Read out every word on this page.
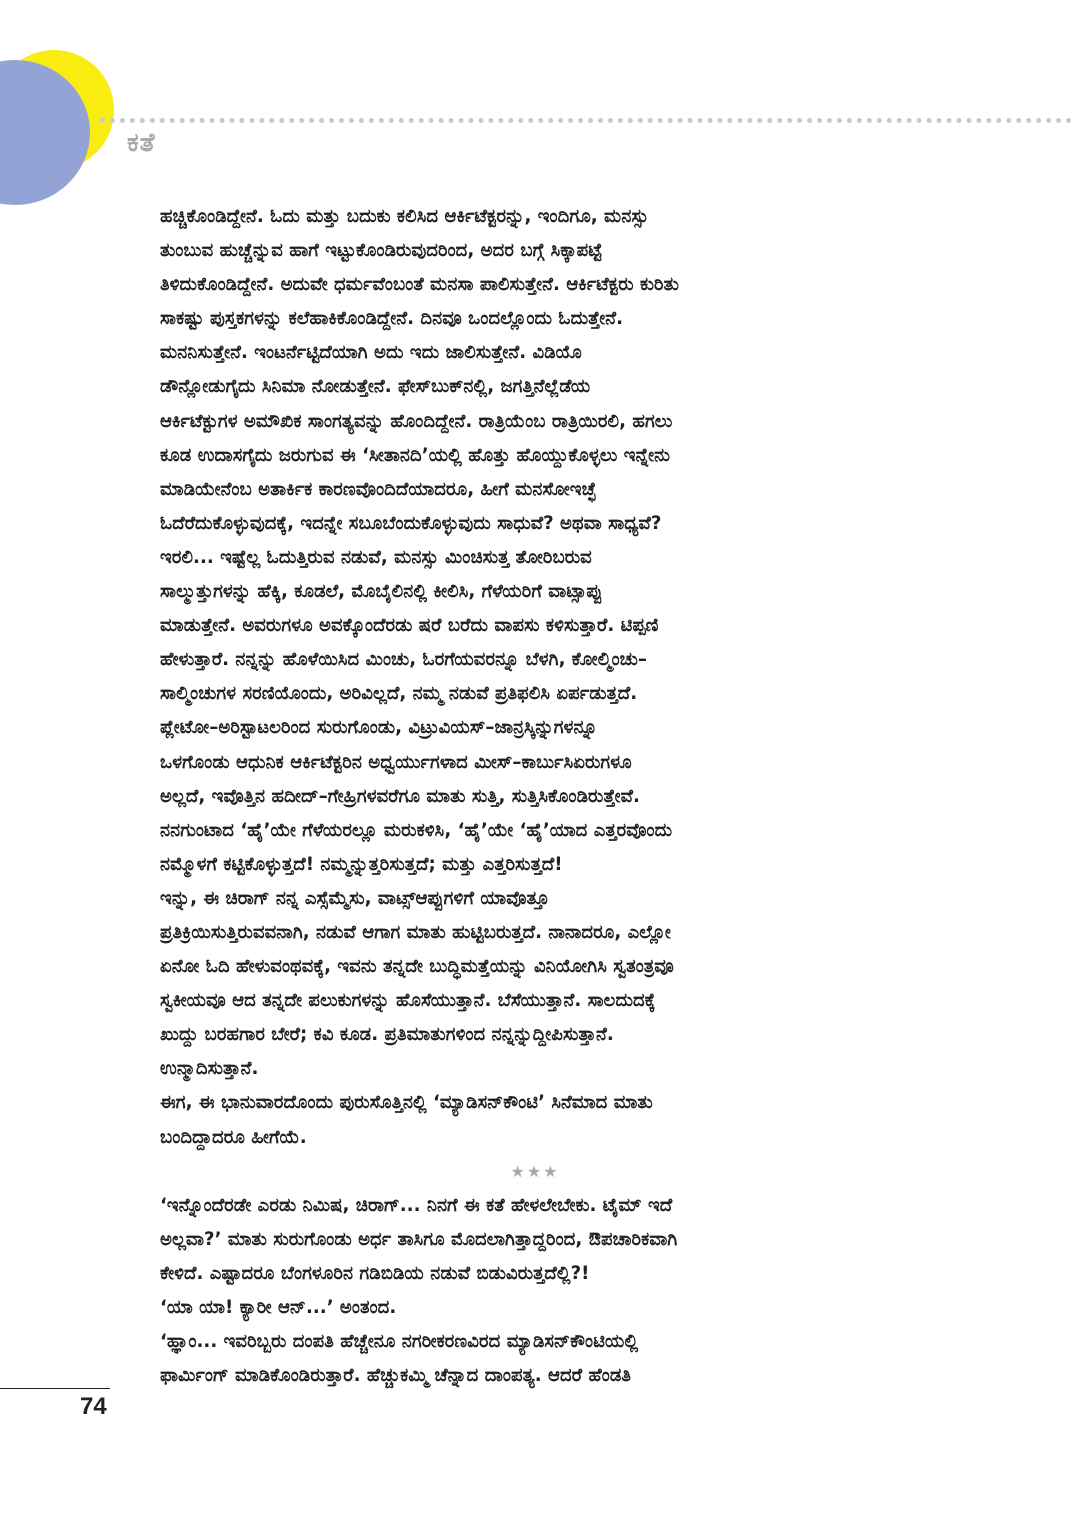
ಕತೆ
ಹಚ್ಚಿಕೊಂಡಿದ್ದೇನೆ. ಓದು ಮತ್ತು ಬದುಕು ಕಲಿಸಿದ ಆರ್ಕಿಟೆಕ್ಟರನ್ನು, ಇಂದಿಗೂ, ಮನಸ್ಸು
ತುಂಬುವ ಹುಚ್ಚೆನ್ನುವ ಹಾಗೆ ಇಟ್ಟುಕೊಂಡಿರುವುದರಿಂದ, ಅದರ ಬಗ್ಗೆ ಸಿಕ್ಕಾಪಟ್ಟೆ
ತಿಳಿದುಕೊಂಡಿದ್ದೇನೆ. ಅದುವೇ ಧರ್ಮವೆಂಬಂತೆ ಮನಸಾ ಪಾಲಿಸುತ್ತೇನೆ. ಆರ್ಕಿಟೆಕ್ಟರು ಕುರಿತು
ಸಾಕಷ್ಟು ಪುಸ್ತಕಗಳನ್ನು ಕಲೆಹಾಕಿಕೊಂಡಿದ್ದೇನೆ. ದಿನವೂ ಒಂದಲ್ಲೊಂದು ಓದುತ್ತೇನೆ.
ಮನನಿಸುತ್ತೇನೆ. ಇಂಟರ್ನೆಟ್ಟಿದೆಯಾಗಿ ಅದು ಇದು ಜಾಲಿಸುತ್ತೇನೆ. ವಿಡಿಯೊ
ಡೌನ್ಲೋಡುಗೈದು ಸಿನಿಮಾ ನೋಡುತ್ತೇನೆ. ಫೇಸ್‌ಬುಕ್‌ನಲ್ಲಿ, ಜಗತ್ತಿನೆಲ್ಲೆಡೆಯ
ಆರ್ಕಿಟೆಕ್ಟುಗಳ ಅಮೌಖಿಕ ಸಾಂಗತ್ಯವನ್ನು ಹೊಂದಿದ್ದೇನೆ. ರಾತ್ರಿಯೆಂಬ ರಾತ್ರಿಯಿರಲಿ, ಹಗಲು
ಕೂಡ ಉದಾಸಗೈದು ಜರುಗುವ ಈ ‘ಸೀತಾನದಿ’ಯಲ್ಲಿ ಹೊತ್ತು ಹೊಯ್ದುಕೊಳ್ಳಲು ಇನ್ನೇನು
ಮಾಡಿಯೇನೆಂಬ ಅತಾರ್ಕಿಕ ಕಾರಣವೊಂದಿದೆಯಾದರೂ, ಹೀಗೆ ಮನಸೋಇಚ್ಛೆ
ಓದೆರೆದುಕೊಳ್ಳುವುದಕ್ಕೆ, ಇದನ್ನೇ ಸಬೂಬೆಂದುಕೊಳ್ಳುವುದು ಸಾಧುವೆ? ಅಥವಾ ಸಾಧ್ಯವೆ?
ಇರಲಿ... ಇಷ್ಟೆಲ್ಲ ಓದುತ್ತಿರುವ ನಡುವೆ, ಮನಸ್ಸು ಮಿಂಚಿಸುತ್ತ ತೋರಿಬರುವ
ಸಾಲ್ಮುತ್ತುಗಳನ್ನು ಹೆಕ್ಕಿ, ಕೂಡಲೆ, ಮೊಬೈಲಿನಲ್ಲಿ ಕೀಲಿಸಿ, ಗೆಳೆಯರಿಗೆ ವಾಟ್ಸಾಪ್ಪು
ಮಾಡುತ್ತೇನೆ. ಅವರುಗಳೂ ಅವಕ್ಕೊಂದೆರಡು ಷರೆ ಬರೆದು ವಾಪಸು ಕಳಿಸುತ್ತಾರೆ. ಟಿಪ್ಪಣಿ
ಹೇಳುತ್ತಾರೆ. ನನ್ನನ್ನು ಹೊಳೆಯಿಸಿದ ಮಿಂಚು, ಓರಗೆಯವರನ್ನೂ ಬೆಳಗಿ, ಕೋಲ್ಮಿಂಚು–
ಸಾಲ್ಮಿಂಚುಗಳ ಸರಣಿಯೊಂದು, ಅರಿವಿಲ್ಲದೆ, ನಮ್ಮ ನಡುವೆ ಪ್ರತಿಫಲಿಸಿ ಏರ್ಪಡುತ್ತದೆ.
ಪ್ಲೇಟೋ–ಅರಿಸ್ಟಾಟಲರಿಂದ ಸುರುಗೊಂಡು, ವಿಟ್ರುವಿಯಸ್–ಜಾನ್ರಸ್ಕಿನ್ನುಗಳನ್ನೂ
ಒಳಗೊಂಡು ಆಧುನಿಕ ಆರ್ಕಿಟೆಕ್ಟರಿನ ಅಧ್ವರ್ಯುಗಳಾದ ಮೀಸ್–ಕಾರ್ಬುಸಿಏರುಗಳೂ
ಅಲ್ಲದೆ, ಇವೊತ್ತಿನ ಹದೀದ್–ಗೇಹ್ರಿಗಳವರೆಗೂ ಮಾತು ಸುತ್ತಿ, ಸುತ್ತಿಸಿಕೊಂಡಿರುತ್ತೇವೆ.
ನನಗುಂಟಾದ ‘ಹೈ’ಯೇ ಗೆಳೆಯರಲ್ಲೂ ಮರುಕಳಿಸಿ, ‘ಹೈ’ಯೇ ‘ಹೈ’ಯಾದ ಎತ್ತರವೊಂದು
ನಮ್ಮೊಳಗೆ ಕಟ್ಟಿಕೊಳ್ಳುತ್ತದೆ! ನಮ್ಮನ್ನುತ್ತರಿಸುತ್ತದೆ; ಮತ್ತು ಎತ್ತರಿಸುತ್ತದೆ!
ಇನ್ನು, ಈ ಚಿರಾಗ್ ನನ್ನ ಎಸ್ಸೆಮ್ಮೆಸು, ವಾಟ್ಸ್ಆಪ್ಪುಗಳಿಗೆ ಯಾವೊತ್ತೂ
ಪ್ರತಿಕ್ರಿಯಿಸುತ್ತಿರುವವನಾಗಿ, ನಡುವೆ ಆಗಾಗ ಮಾತು ಹುಟ್ಟಿಬರುತ್ತದೆ. ನಾನಾದರೂ, ಎಲ್ಲೋ
ಏನೋ ಓದಿ ಹೇಳುವಂಥವಕ್ಕೆ, ಇವನು ತನ್ನದೇ ಬುದ್ಧಿಮತ್ತೆಯನ್ನು ವಿನಿಯೋಗಿಸಿ ಸ್ವತಂತ್ರವೂ
ಸ್ವಕೀಯವೂ ಆದ ತನ್ನದೇ ಪಲುಕುಗಳನ್ನು ಹೊಸೆಯುತ್ತಾನೆ. ಬೆಸೆಯುತ್ತಾನೆ. ಸಾಲದುದಕ್ಕೆ
ಖುದ್ದು ಬರಹಗಾರ ಬೇರೆ; ಕವಿ ಕೂಡ. ಪ್ರತಿಮಾತುಗಳಿಂದ ನನ್ನನ್ನುದ್ದೀಪಿಸುತ್ತಾನೆ.
ಉನ್ಮಾದಿಸುತ್ತಾನೆ.
ಈಗ, ಈ ಭಾನುವಾರದೊಂದು ಪುರುಸೊತ್ತಿನಲ್ಲಿ ‘ಮ್ಯಾಡಿಸನ್‌ಕೌಂಟಿ’ ಸಿನೆಮಾದ ಮಾತು
ಬಂದಿದ್ದಾದರೂ ಹೀಗೆಯೆ.
★★★
‘ಇನ್ನೊಂದೆರಡೇ ಎರಡು ನಿಮಿಷ, ಚಿರಾಗ್... ನಿನಗೆ ಈ ಕತೆ ಹೇಳಲೇಬೇಕು. ಟೈಮ್ ಇದೆ
ಅಲ್ಲವಾ?’ ಮಾತು ಸುರುಗೊಂಡು ಅರ್ಧ ತಾಸಿಗೂ ಮೊದಲಾಗಿತ್ತಾದ್ದರಿಂದ, ಔಪಚಾರಿಕವಾಗಿ
ಕೇಳಿದೆ. ಎಷ್ಟಾದರೂ ಬೆಂಗಳೂರಿನ ಗಡಿಬಿಡಿಯ ನಡುವೆ ಬಿಡುವಿರುತ್ತದೆಲ್ಲಿ?!
‘ಯಾ ಯಾ! ಕ್ಯಾರೀ ಆನ್...’ ಅಂತಂದ.
‘ಹ್ಞಾಂ... ಇವರಿಬ್ಬರು ದಂಪತಿ ಹೆಚ್ಚೇನೂ ನಗರೀಕರಣವಿರದ ಮ್ಯಾಡಿಸನ್‌ಕೌಂಟಿಯಲ್ಲಿ
ಫಾರ್ಮಿಂಗ್ ಮಾಡಿಕೊಂಡಿರುತ್ತಾರೆ. ಹೆಚ್ಚುಕಮ್ಮಿ ಚೆನ್ನಾದ ದಾಂಪತ್ಯ. ಆದರೆ ಹೆಂಡತಿ
74
